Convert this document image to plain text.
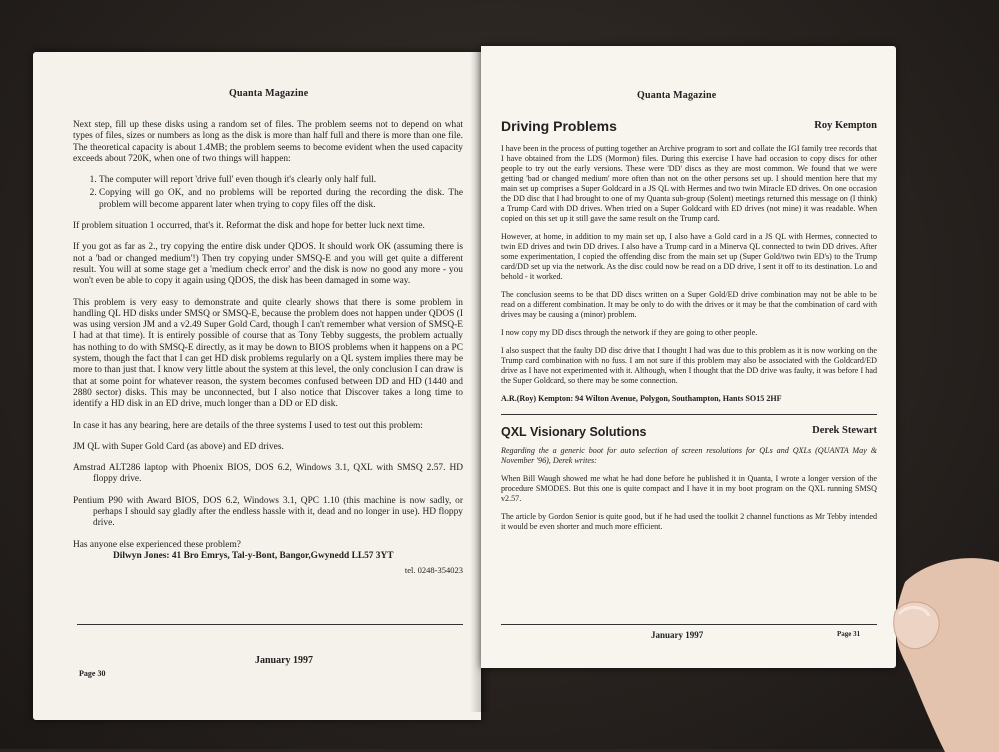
Quanta Magazine

Next step, fill up these disks using a random set of files. The problem seems not to depend on what types of files, sizes or numbers as long as the disk is more than half full and there is more than one file. The theoretical capacity is about 1.4MB; the problem seems to become evident when the used capacity exceeds about 720K, when one of two things will happen:

1. The computer will report 'drive full' even though it's clearly only half full.
2. Copying will go OK, and no problems will be reported during the recording the disk. The problem will become apparent later when trying to copy files off the disk.

If problem situation 1 occurred, that's it. Reformat the disk and hope for better luck next time.

If you got as far as 2., try copying the entire disk under QDOS. It should work OK (assuming there is not a 'bad or changed medium'!) Then try copying under SMSQ-E and you will get quite a different result. You will at some stage get a 'medium check error' and the disk is now no good any more - you won't even be able to copy it again using QDOS, the disk has been damaged in some way.

This problem is very easy to demonstrate and quite clearly shows that there is some problem in handling QL HD disks under SMSQ or SMSQ-E, because the problem does not happen under QDOS (I was using version JM and a v2.49 Super Gold Card, though I can't remember what version of SMSQ-E I had at that time). It is entirely possible of course that as Tony Tebby suggests, the problem actually has nothing to do with SMSQ-E directly, as it may be down to BIOS problems when it happens on a PC system, though the fact that I can get HD disk problems regularly on a QL system implies there may be more to than just that. I know very little about the system at this level, the only conclusion I can draw is that at some point for whatever reason, the system becomes confused between DD and HD (1440 and 2880 sector) disks. This may be unconnected, but I also notice that Discover takes a long time to identify a HD disk in an ED drive, much longer than a DD or ED disk.

In case it has any bearing, here are details of the three systems I used to test out this problem:

JM QL with Super Gold Card (as above) and ED drives.

Amstrad ALT286 laptop with Phoenix BIOS, DOS 6.2, Windows 3.1, QXL with SMSQ 2.57. HD floppy drive.

Pentium P90 with Award BIOS, DOS 6.2, Windows 3.1, QPC 1.10 (this machine is now sadly, or perhaps I should say gladly after the endless hassle with it, dead and no longer in use). HD floppy drive.

Has anyone else experienced these problem?
Dilwyn Jones: 41 Bro Emrys, Tal-y-Bont, Bangor,Gwynedd LL57 3YT
tel. 0248-354023
January 1997
Page 30
Quanta Magazine
Driving Problems	Roy Kempton

I have been in the process of putting together an Archive program to sort and collate the IGI family tree records that I have obtained from the LDS (Mormon) files. During this exercise I have had occasion to copy discs for other people to try out the early versions. These were 'DD' discs as they are most common. We found that we were getting 'bad or changed medium' more often than not on the other persons set up. I should mention here that my main set up comprises a Super Goldcard in a JS QL with Hermes and two twin Miracle ED drives. On one occasion the DD disc that I had brought to one of my Quanta sub-group (Solent) meetings returned this message on (I think) a Trump Card with DD drives. When tried on a Super Goldcard with ED drives (not mine) it was readable. When copied on this set up it still gave the same result on the Trump card.

However, at home, in addition to my main set up, I also have a Gold card in a JS QL with Hermes, connected to twin ED drives and twin DD drives. I also have a Trump card in a Minerva QL connected to twin DD drives. After some experimentation, I copied the offending disc from the main set up (Super Gold/two twin ED's) to the Trump card/DD set up via the network. As the disc could now be read on a DD drive, I sent it off to its destination. Lo and behold - it worked.

The conclusion seems to be that DD discs written on a Super Gold/ED drive combination may not be able to be read on a different combination. It may be only to do with the drives or it may be that the combination of card with drives may be causing a (minor) problem.

I now copy my DD discs through the network if they are going to other people.

I also suspect that the faulty DD disc drive that I thought I had was due to this problem as it is now working on the Trump card combination with no fuss. I am not sure if this problem may also be associated with the Goldcard/ED drive as I have not experimented with it. Although, when I thought that the DD drive was faulty, it was before I had the Super Goldcard, so there may be some connection.

A.R.(Roy) Kempton: 94 Wilton Avenue, Polygon, Southampton, Hants SO15 2HF

QXL Visionary Solutions	Derek Stewart

Regarding the a generic boot for auto selection of screen resolutions for QLs and QXLs (QUANTA May & November '96), Derek writes:

When Bill Waugh showed me what he had done before he published it in Quanta, I wrote a longer version of the procedure SMODES. But this one is quite compact and I have it in my boot program on the QXL running SMSQ v2.57.

The article by Gordon Senior is quite good, but if he had used the toolkit 2 channel functions as Mr Tebby intended it would be even shorter and much more efficient.

January 1997	Page 31
